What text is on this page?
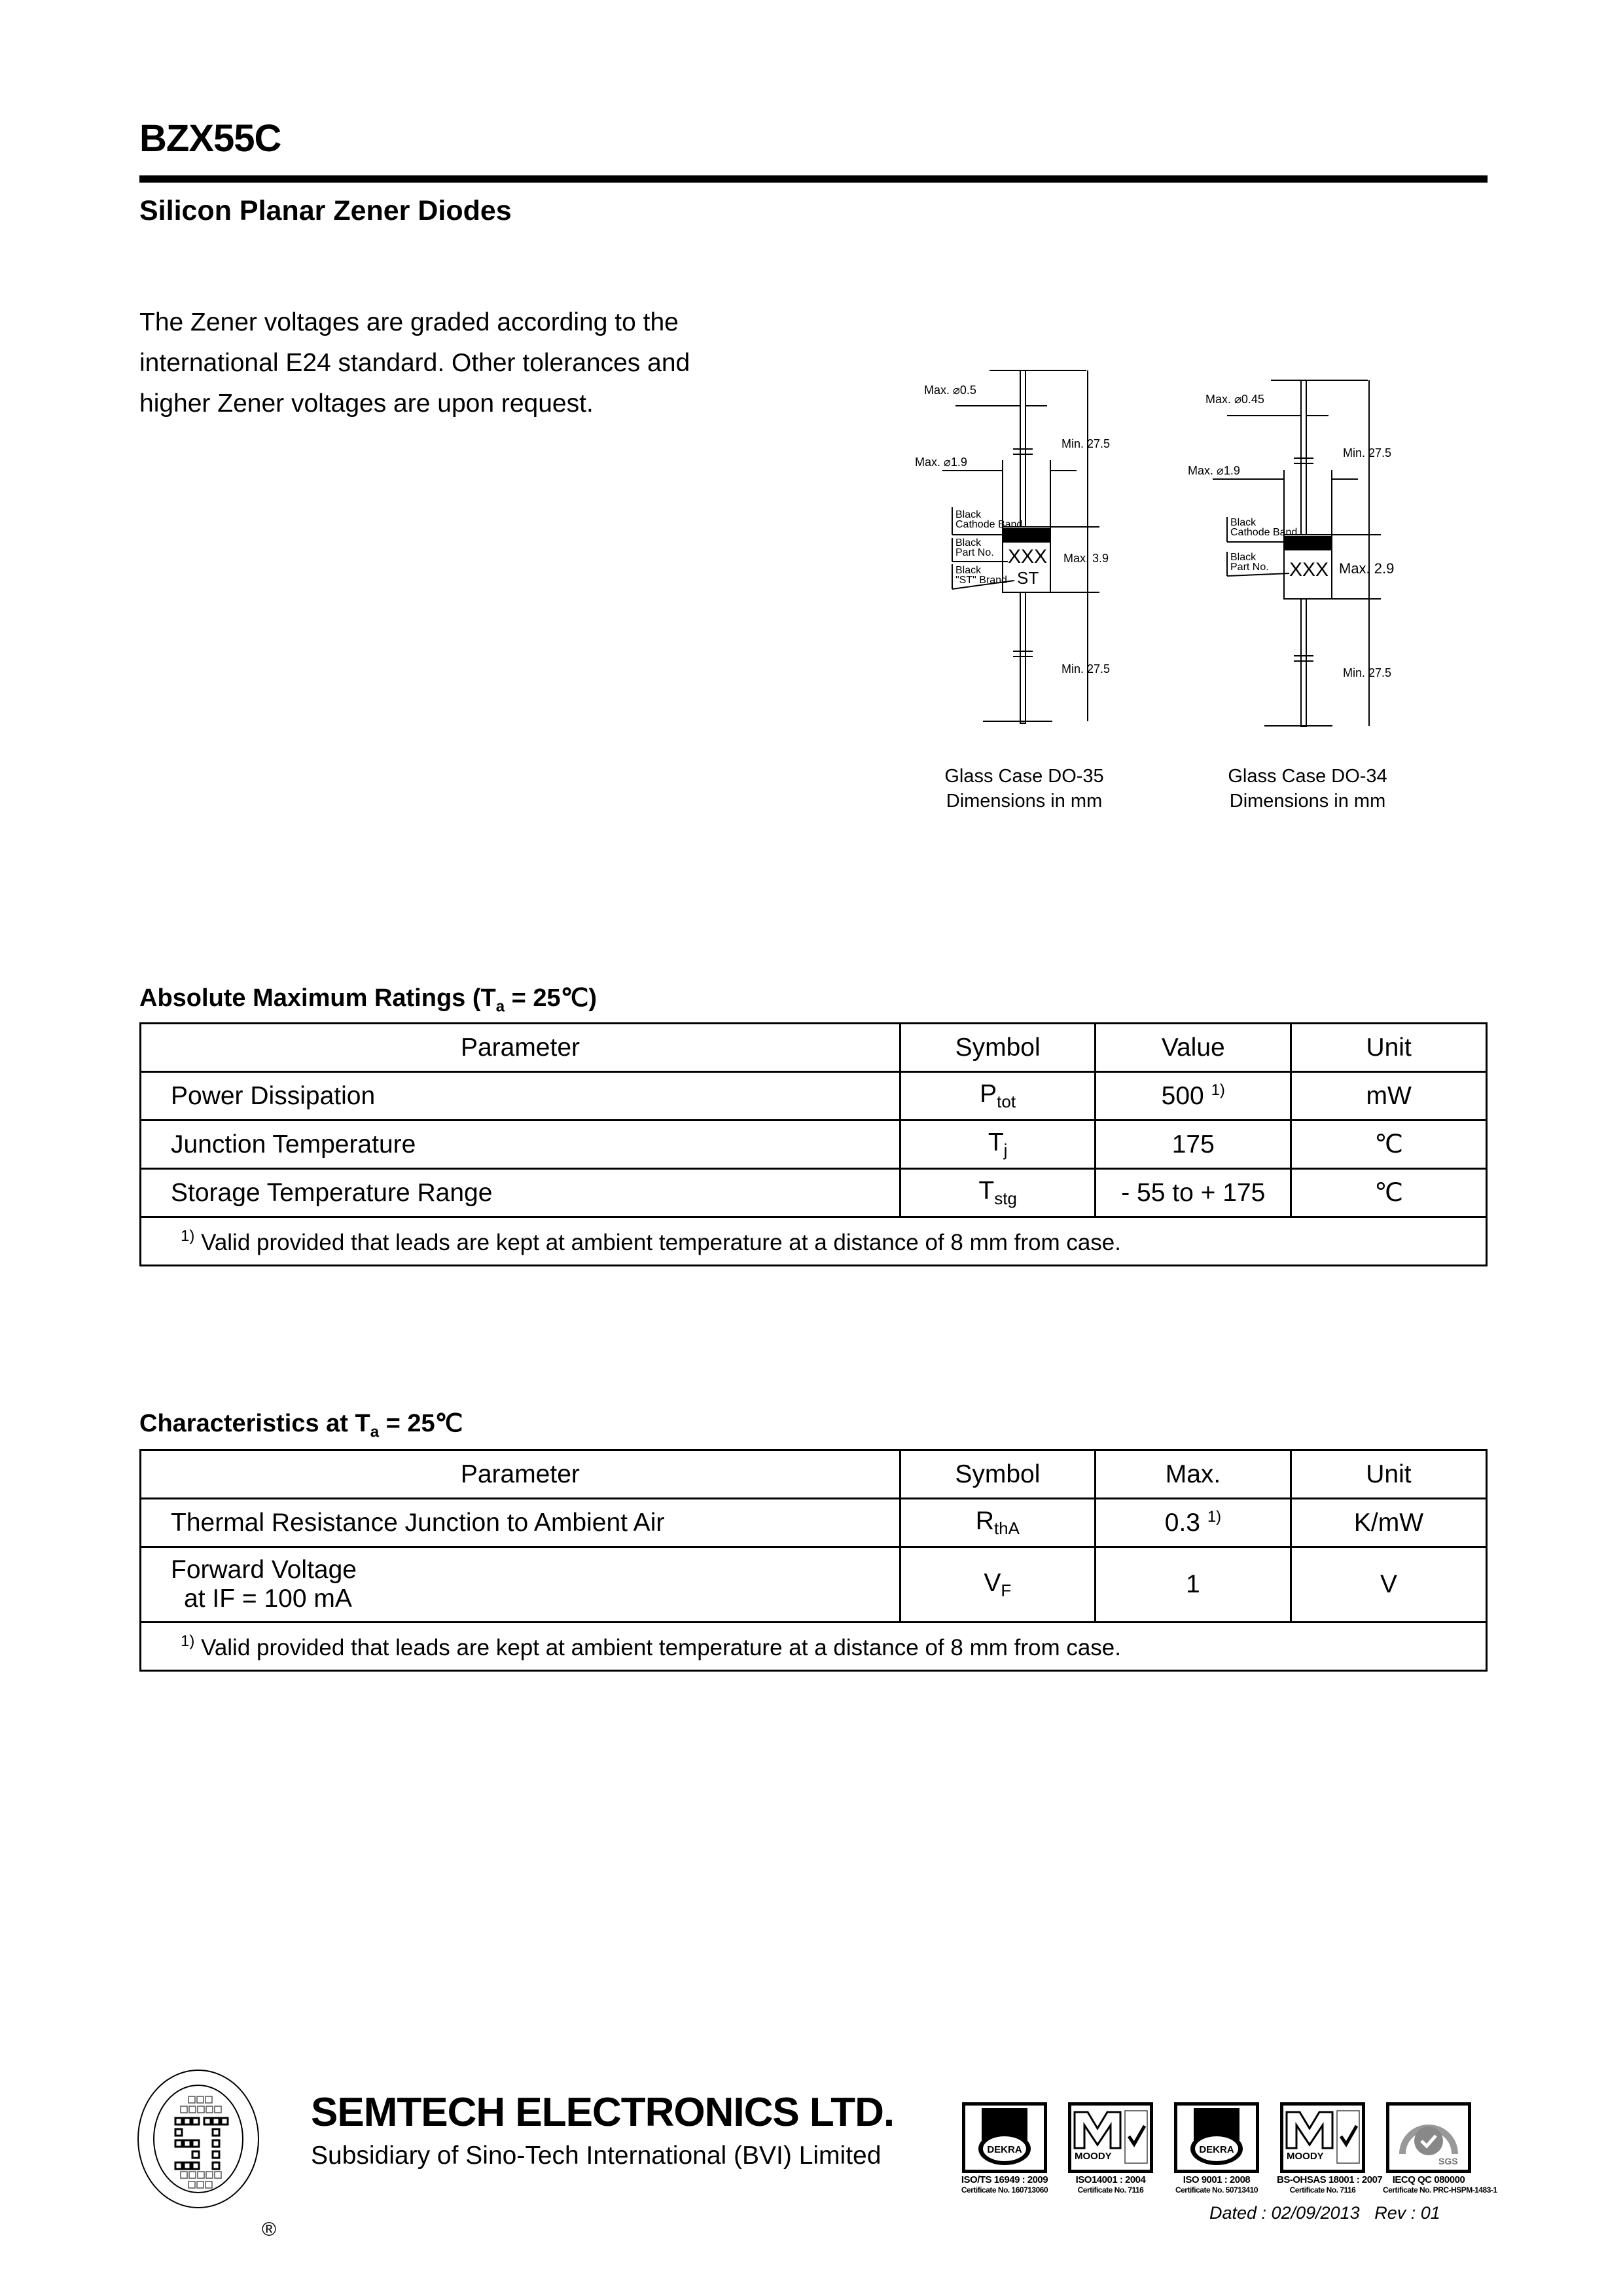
BZX55C
Silicon Planar Zener Diodes
The Zener voltages are graded according to the
international E24 standard. Other tolerances and
higher Zener voltages are upon request.	Max. ⌀0.5
Max. ⌀1.9
Min. 27.5
Max. 3.9
Min. 27.5
Black
Cathode Band
Black
Part No.
Black
"ST" Brand
XXX
ST
Max. ⌀0.45
Max. ⌀1.9
Min. 27.5
Max. 2.9
Min. 27.5
Black
Cathode Band
Black
Part No. XXX
Glass Case DO-35
Dimensions in mm
Glass Case DO-34
Dimensions in mm
Absolute Maximum Ratings ($T_a$ = 25℃)
Parameter	Symbol	Value	Unit
Power Dissipation	$P_{tot}$	500 $^{1)}$	mW
Junction Temperature	$T_j$	175	℃
Storage Temperature Range	$T_{stg}$	- 55 to + 175	℃
$^{1)}$ Valid provided that leads are kept at ambient temperature at a distance of 8 mm from case.			
Characteristics at $T_a$ = 25℃
Parameter	Symbol	Max.	Unit
Thermal Resistance Junction to Ambient Air	$R_{thA}$	0.3 $^{1)}$	K/mW

Forward Voltage
at IF = 100 mA	$V_F$	1	V
$^{1)}$ Valid provided that leads are kept at ambient temperature at a distance of 8 mm from case.			
®
SEMTECH ELECTRONICS LTD.
Subsidiary of Sino-Tech International (BVI) Limited	DEKRA
ISO/TS 16949 : 2009
Certificate No. 160713060
MOODY
ISO14001 : 2004
Certificate No. 7116
DEKRA
ISO 9001 : 2008
Certificate No. 50713410
MOODY
BS-OHSAS 18001 : 2007
Certificate No. 7116
SGS
IECQ QC 080000
Certificate No. PRC-HSPM-1483-1
Dated : 02/09/2013 Rev : 01
